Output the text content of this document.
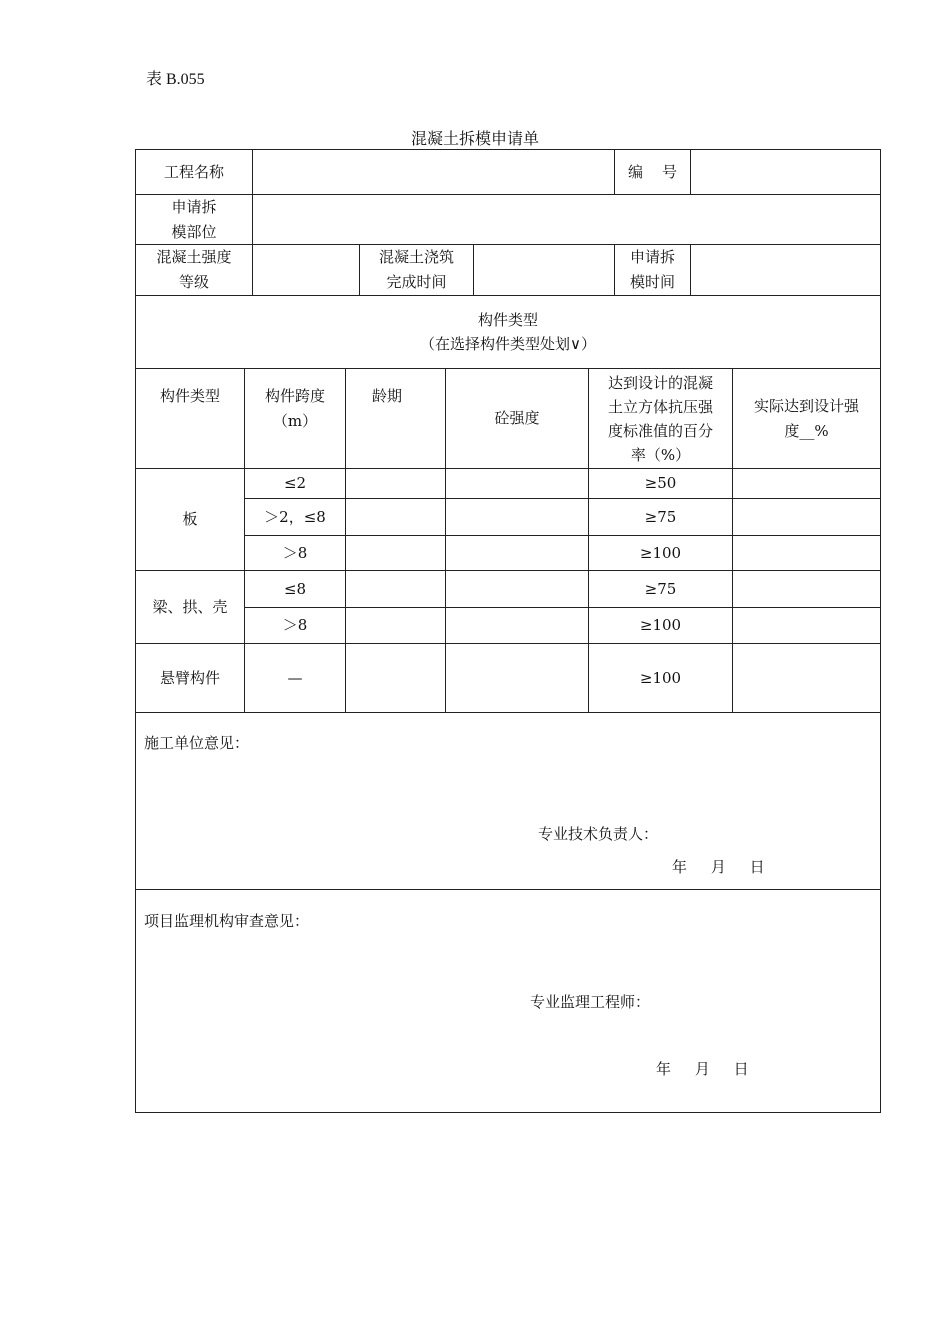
表 B.055
混凝土拆模申请单
工程名称	编    号
申请拆
模部位
混凝土强度
等级
混凝土浇筑
完成时间
申请拆
模时间
构件类型
（在选择构件类型处划∨）
构件类型	构件跨度
（m）
龄期
砼强度
达到设计的混凝
土立方体抗压强
度标准值的百分
率（%）
实际达到设计强
度__%
板
梁、拱、壳
悬臂构件
≤2
＞2，≤8
＞8
≤8
＞8
—
≥50
≥75
≥100
≥75
≥100
≥100
施工单位意见：
专业技术负责人：
年     月     日
项目监理机构审查意见：
专业监理工程师：
年     月     日
